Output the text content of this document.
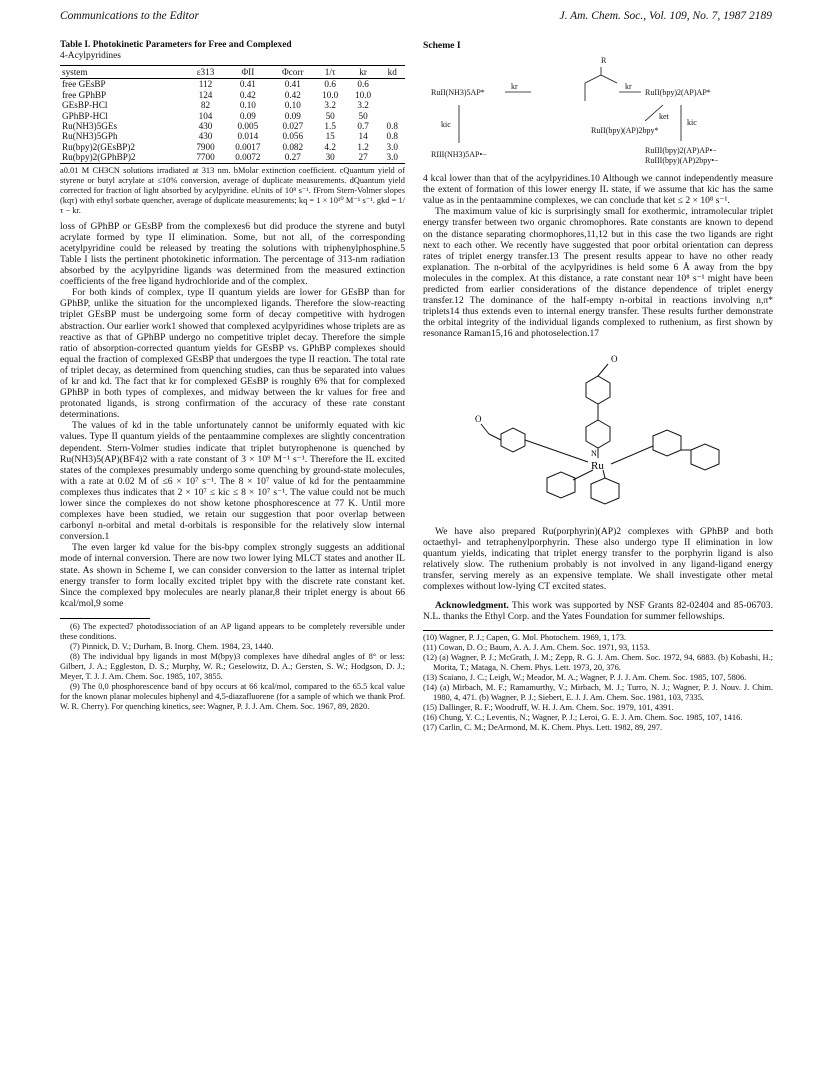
Communications to the Editor	J. Am. Chem. Soc., Vol. 109, No. 7, 1987 2189
Table I. Photokinetic Parameters for Free and Complexed
4-Acylpyridines
system	ε313	ΦII	Φcorr	1/τ	kr	kd
free GEsBP	112	0.41	0.41	0.6	0.6	
free GPhBP	124	0.42	0.42	10.0	10.0	
GEsBP-HCl	82	0.10	0.10	3.2	3.2	
GPhBP-HCl	104	0.09	0.09	50	50	
Ru(NH3)5GEs	430	0.005	0.027	1.5	0.7	0.8
Ru(NH3)5GPh	430	0.014	0.056	15	14	0.8
Ru(bpy)2(GEsBP)2	7900	0.0017	0.082	4.2	1.2	3.0
Ru(bpy)2(GPhBP)2	7700	0.0072	0.27	30	27	3.0
a0.01 M CH3CN solutions irradiated at 313 nm. bMolar extinction coefficient. cQuantum yield of styrene or butyl acrylate at ≤10% conversion, average of duplicate measurements. dQuantum yield corrected for fraction of light absorbed by acylpyridine. eUnits of 10⁸ s⁻¹. fFrom Stern-Volmer slopes (kqτ) with ethyl sorbate quencher, average of duplicate measurements; kq = 1 × 10¹⁰ M⁻¹ s⁻¹. gkd = 1/τ − kr.

loss of GPhBP or GEsBP from the complexes6 but did produce the styrene and butyl acrylate formed by type II elimination. Some, but not all, of the corresponding acetylpyridine could be released by treating the solutions with triphenylphosphine.5 Table I lists the pertinent photokinetic information. The percentage of 313-nm radiation absorbed by the acylpyridine ligands was determined from the measured extinction coefficients of the free ligand hydrochloride and of the complex.

For both kinds of complex, type II quantum yields are lower for GEsBP than for GPhBP, unlike the situation for the uncomplexed ligands. Therefore the slow-reacting triplet GEsBP must be undergoing some form of decay competitive with hydrogen abstraction. Our earlier work1 showed that complexed acylpyridines whose triplets are as reactive as that of GPhBP undergo no competitive triplet decay. Therefore the simple ratio of absorption-corrected quantum yields for GEsBP vs. GPhBP complexes should equal the fraction of complexed GEsBP that undergoes the type II reaction. The total rate of triplet decay, as determined from quenching studies, can thus be separated into values of kr and kd. The fact that kr for complexed GEsBP is roughly 6% that for complexed GPhBP in both types of complexes, and midway between the kr values for free and protonated ligands, is strong confirmation of the accuracy of these rate constant determinations.

The values of kd in the table unfortunately cannot be uniformly equated with kic values. Type II quantum yields of the pentaammine complexes are slightly concentration dependent. Stern-Volmer studies indicate that triplet butyrophenone is quenched by Ru(NH3)5(AP)(BF4)2 with a rate constant of 3 × 10⁹ M⁻¹ s⁻¹. Therefore the IL excited states of the complexes presumably undergo some quenching by ground-state molecules, with a rate at 0.02 M of ≤6 × 10⁷ s⁻¹. The 8 × 10⁷ value of kd for the pentaammine complexes thus indicates that 2 × 10⁷ ≤ kic ≤ 8 × 10⁷ s⁻¹. The value could not be much lower since the complexes do not show ketone phosphorescence at 77 K. Until more complexes have been studied, we retain our suggestion that poor overlap between carbonyl n-orbital and metal d-orbitals is responsible for the relatively slow internal conversion.1

The even larger kd value for the bis-bpy complex strongly suggests an additional mode of internal conversion. There are now two lower lying MLCT states and another IL state. As shown in Scheme I, we can consider conversion to the latter as internal triplet energy transfer to form locally excited triplet bpy with the discrete rate constant ket. Since the complexed bpy molecules are nearly planar,8 their triplet energy is about 66 kcal/mol,9 some

(6) The expected7 photodissociation of an AP ligand appears to be completely reversible under these conditions.

(7) Pinnick, D. V.; Durham, B. Inorg. Chem. 1984, 23, 1440.

(8) The individual bpy ligands in most M(bpy)3 complexes have dihedral angles of 8° or less: Gilbert, J. A.; Eggleston, D. S.; Murphy, W. R.; Geselowitz, D. A.; Gersten, S. W.; Hodgson, D. J.; Meyer, T. J. J. Am. Chem. Soc. 1985, 107, 3855.

(9) The 0,0 phosphorescence band of bpy occurs at 66 kcal/mol, compared to the 65.5 kcal value for the known planar molecules biphenyl and 4,5-diazafluorene (for a sample of which we thank Prof. W. R. Cherry). For quenching kinetics, see: Wagner, P. J. J. Am. Chem. Soc. 1967, 89, 2820.

Scheme I
R
RuII(NH3)5AP*
kr	kr
RuII(bpy)2(AP)AP*
kic
ket
RuII(bpy)(AP)2bpy*
kic
RIII(NH3)5AP•−	RuIII(bpy)2(AP)AP•−
RuIII(bpy)(AP)2bpy•−

4 kcal lower than that of the acylpyridines.10 Although we cannot independently measure the extent of formation of this lower energy IL state, if we assume that kic has the same value as in the pentaammine complexes, we can conclude that ket ≤ 2 × 10⁸ s⁻¹.

The maximum value of kic is surprisingly small for exothermic, intramolecular triplet energy transfer between two organic chromophores. Rate constants are known to depend on the distance separating chormophores,11,12 but in this case the two ligands are right next to each other. We recently have suggested that poor orbital orientation can depress rates of triplet energy transfer.13 The present results appear to have no other ready explanation. The n-orbital of the acylpyridines is held some 6 Å away from the bpy molecules in the complex. At this distance, a rate constant near 10⁸ s⁻¹ might have been predicted from earlier considerations of the distance dependence of triplet energy transfer.12 The dominance of the half-empty n-orbital in reactions involving n,π* triplets14 thus extends even to internal energy transfer. These results further demonstrate the orbital integrity of the individual ligands complexed to ruthenium, as first shown by resonance Raman15,16 and photoselection.17

Ru
O
O
N

We have also prepared Ru(porphyrin)(AP)2 complexes with GPhBP and both octaethyl- and tetraphenylporphyrin. These also undergo type II elimination in low quantum yields, indicating that triplet energy transfer to the porphyrin ligand is also relatively slow. The ruthenium probably is not involved in any ligand-ligand energy transfer, serving merely as an expensive template. We shall investigate other metal complexes without low-lying CT excited states.

Acknowledgment. This work was supported by NSF Grants 82-02404 and 85-06703. N.L. thanks the Ethyl Corp. and the Yates Foundation for summer fellowships.

(10) Wagner, P. J.; Capen, G. Mol. Photochem. 1969, 1, 173.

(11) Cowan, D. O.; Baum, A. A. J. Am. Chem. Soc. 1971, 93, 1153.

(12) (a) Wagner, P. J.; McGrath, J. M.; Zepp, R. G. J. Am. Chem. Soc. 1972, 94, 6883. (b) Kobashi, H.; Morita, T.; Mataga, N. Chem. Phys. Lett. 1973, 20, 376.

(13) Scaiano, J. C.; Leigh, W.; Meador, M. A.; Wagner, P. J. J. Am. Chem. Soc. 1985, 107, 5806.

(14) (a) Mirbach, M. F.; Ramamurthy, V.; Mirbach, M. J.; Turro, N. J.; Wagner, P. J. Nouv. J. Chim. 1980, 4, 471. (b) Wagner, P. J.; Siebert, E. J. J. Am. Chem. Soc. 1981, 103, 7335.

(15) Dallinger, R. F.; Woodruff, W. H. J. Am. Chem. Soc. 1979, 101, 4391.

(16) Chung, Y. C.; Leventis, N.; Wagner, P. J.; Leroi, G. E. J. Am. Chem. Soc. 1985, 107, 1416.

(17) Carlin, C. M.; DeArmond, M. K. Chem. Phys. Lett. 1982, 89, 297.
